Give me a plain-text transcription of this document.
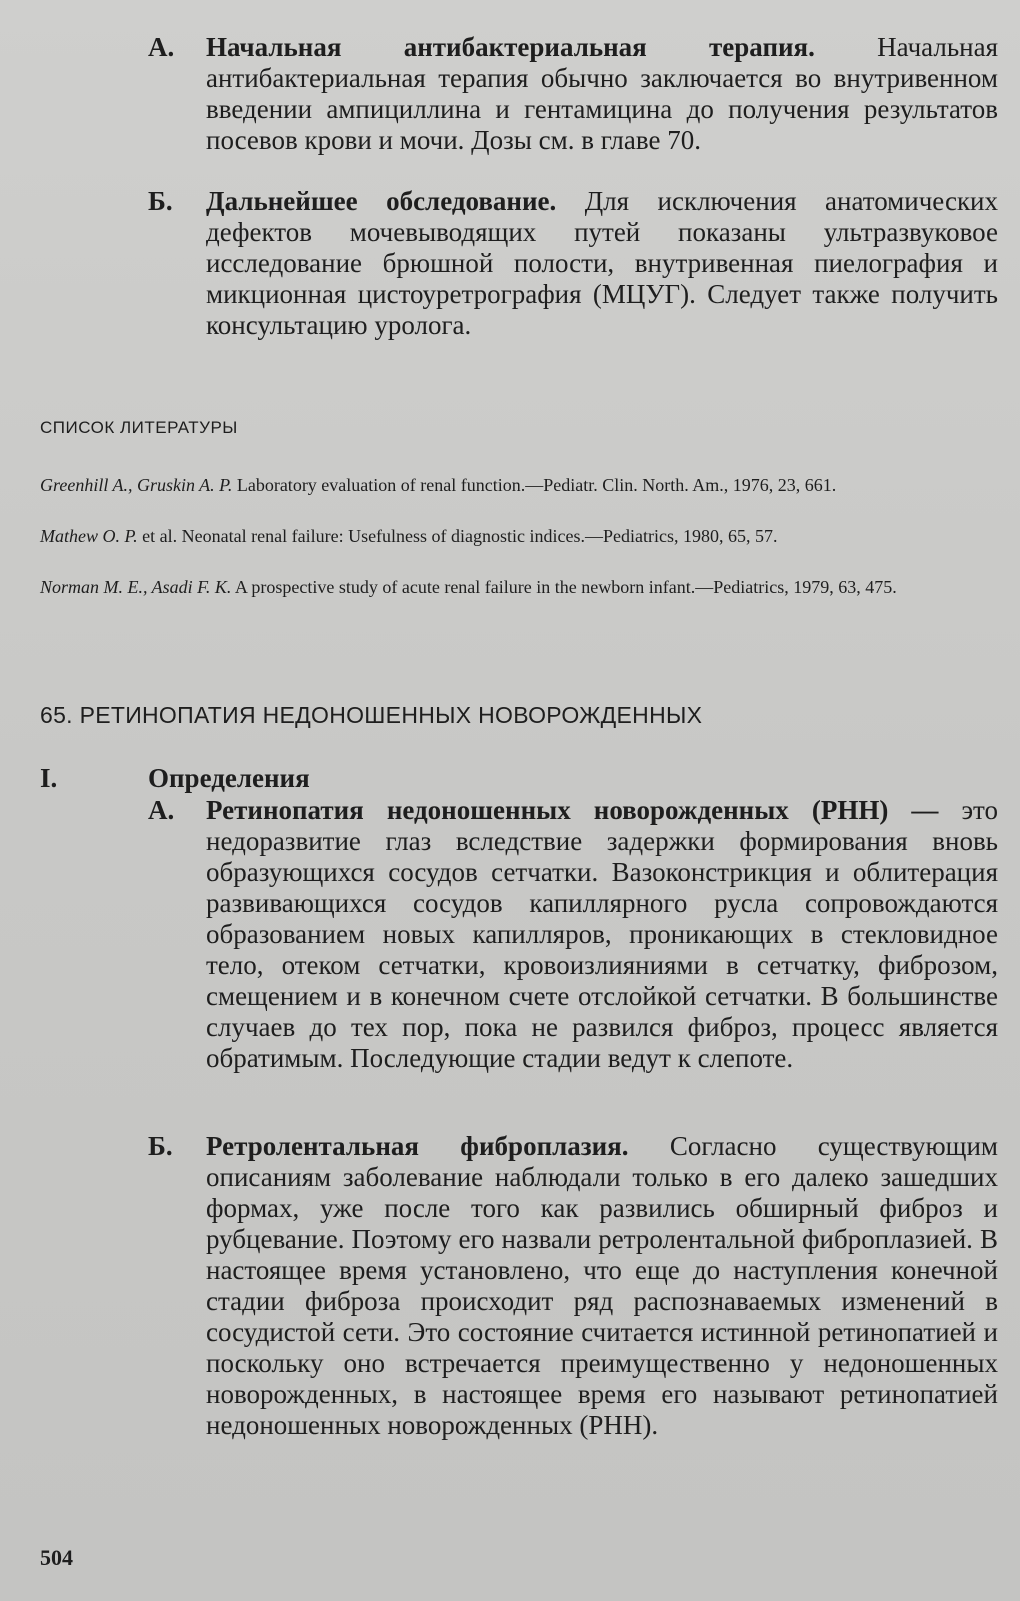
А.	Начальная антибактериальная терапия. Начальная антибактериальная терапия обычно заключается во внутривенном введении ампициллина и гентамицина до получения результатов посевов крови и мочи. Дозы см. в главе 70.
Б.	Дальнейшее обследование. Для исключения анатомических дефектов мочевыводящих путей показаны ультразвуковое исследование брюшной полости, внутривенная пиелография и микционная цистоуретрография (МЦУГ). Следует также получить консультацию уролога.
СПИСОК ЛИТЕРАТУРЫ
Greenhill A., Gruskin A. P. Laboratory evaluation of renal function.—Pediatr. Clin. North. Am., 1976, 23, 661.
Mathew O. P. et al. Neonatal renal failure: Usefulness of diagnostic indices.—Pediatrics, 1980, 65, 57.
Norman M. E., Asadi F. K. A prospective study of acute renal failure in the newborn infant.—Pediatrics, 1979, 63, 475.
65. РЕТИНОПАТИЯ НЕДОНОШЕННЫХ НОВОРОЖДЕННЫХ
I.	Определения
А.	Ретинопатия недоношенных новорожденных (РНН) — это недоразвитие глаз вследствие задержки формирования вновь образующихся сосудов сетчатки. Вазоконстрикция и облитерация развивающихся сосудов капиллярного русла сопровождаются образованием новых капилляров, проникающих в стекловидное тело, отеком сетчатки, кровоизлияниями в сетчатку, фиброзом, смещением и в конечном счете отслойкой сетчатки. В большинстве случаев до тех пор, пока не развился фиброз, процесс является обратимым. Последующие стадии ведут к слепоте.
Б.	Ретролентальная фиброплазия. Согласно существующим описаниям заболевание наблюдали только в его далеко зашедших формах, уже после того как развились обширный фиброз и рубцевание. Поэтому его назвали ретролентальной фиброплазией. В настоящее время установлено, что еще до наступления конечной стадии фиброза происходит ряд распознаваемых изменений в сосудистой сети. Это состояние считается истинной ретинопатией и поскольку оно встречается преимущественно у недоношенных новорожденных, в настоящее время его называют ретинопатией недоношенных новорожденных (РНН).
504
